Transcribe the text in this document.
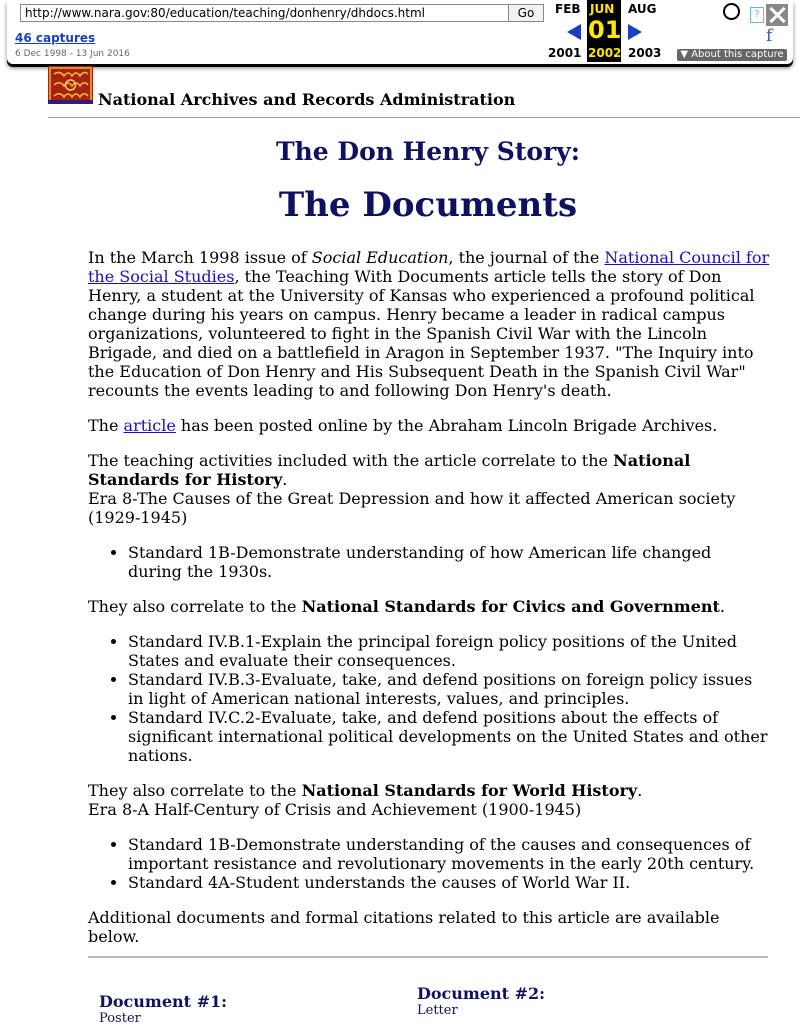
http://www.nara.gov:80/education/teaching/donhenry/dhdocs.html
Go
46 captures
6 Dec 1998 - 13 Jun 2016
FEB	AUG
2001	2003
JUN
01
2002
?
f
▼ About this capture
National Archives and Records Administration
The Don Henry Story:
The Documents

In the March 1998 issue of Social Education, the journal of the National Council for the Social Studies, the Teaching With Documents article tells the story of Don Henry, a student at the University of Kansas who experienced a profound political change during his years on campus. Henry became a leader in radical campus organizations, volunteered to fight in the Spanish Civil War with the Lincoln Brigade, and died on a battlefield in Aragon in September 1937. "The Inquiry into the Education of Don Henry and His Subsequent Death in the Spanish Civil War" recounts the events leading to and following Don Henry's death.

The article has been posted online by the Abraham Lincoln Brigade Archives.

The teaching activities included with the article correlate to the National Standards for History.
Era 8-The Causes of the Great Depression and how it affected American society (1929-1945)

• Standard 1B-Demonstrate understanding of how American life changed during the 1930s.

They also correlate to the National Standards for Civics and Government.

• Standard IV.B.1-Explain the principal foreign policy positions of the United States and evaluate their consequences.
• Standard IV.B.3-Evaluate, take, and defend positions on foreign policy issues in light of American national interests, values, and principles.
• Standard IV.C.2-Evaluate, take, and defend positions about the effects of significant international political developments on the United States and other nations.

They also correlate to the National Standards for World History.
Era 8-A Half-Century of Crisis and Achievement (1900-1945)

• Standard 1B-Demonstrate understanding of the causes and consequences of important resistance and revolutionary movements in the early 20th century.
• Standard 4A-Student understands the causes of World War II.

Additional documents and formal citations related to this article are available below.

Document #1:
Poster
Document #2:
Letter
